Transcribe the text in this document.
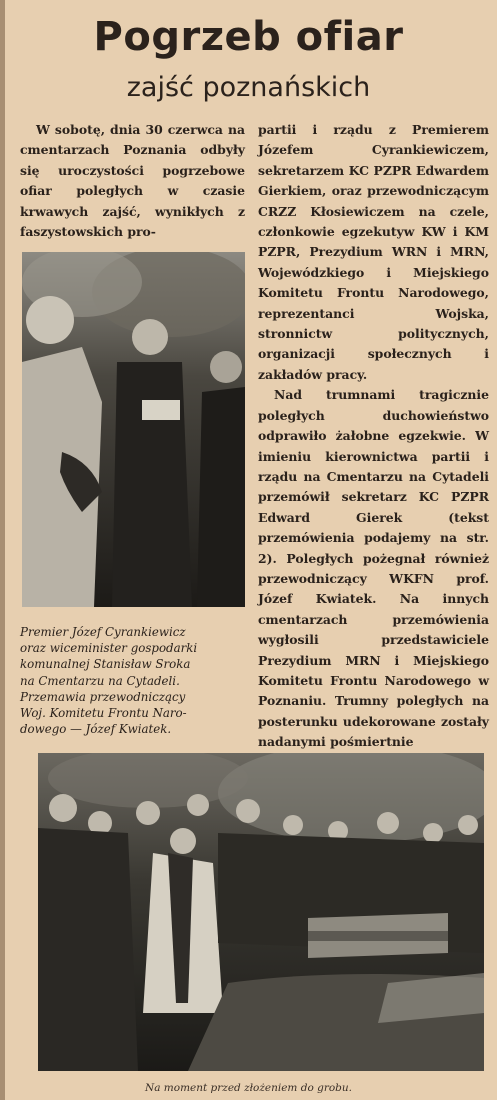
Pogrzeb ofiar
zajść poznańskich

W sobotę, dnia 30 czerwca na cmentarzach Poznania odbyły się uroczystości pogrzebowe ofiar poległych w czasie krwawych zajść, wynikłych z faszystowskich pro-

Premier Józef Cyrankiewicz
oraz wiceminister gospodarki
komunalnej Stanisław Sroka
na Cmentarzu na Cytadeli.
Przemawia przewodniczący
Woj. Komitetu Frontu Naro-
dowego — Józef Kwiatek.

partii i rządu z Premierem Józefem Cyrankiewiczem, sekretarzem KC PZPR Edwardem Gierkiem, oraz przewodniczącym CRZZ Kłosiewiczem na czele, członkowie egzekutyw KW i KM PZPR, Prezydium WRN i MRN, Wojewódzkiego i Miejskiego Komitetu Frontu Narodowego, reprezentanci Wojska, stronnictw politycznych, organizacji społecznych i zakładów pracy.

Nad trumnami tragicznie poległych duchowieństwo odprawiło żałobne egzekwie. W imieniu kierownictwa partii i rządu na Cmentarzu na Cytadeli przemówił sekretarz KC PZPR Edward Gierek (tekst przemówienia podajemy na str. 2). Poległych pożegnał również przewodniczący WKFN prof. Józef Kwiatek. Na innych cmentarzach przemówienia wygłosili przedstawiciele Prezydium MRN i Miejskiego Komitetu Frontu Narodowego w Poznaniu. Trumny poległych na posterunku udekorowane zostały nadanymi pośmiertnie

Na moment przed złożeniem do grobu.
